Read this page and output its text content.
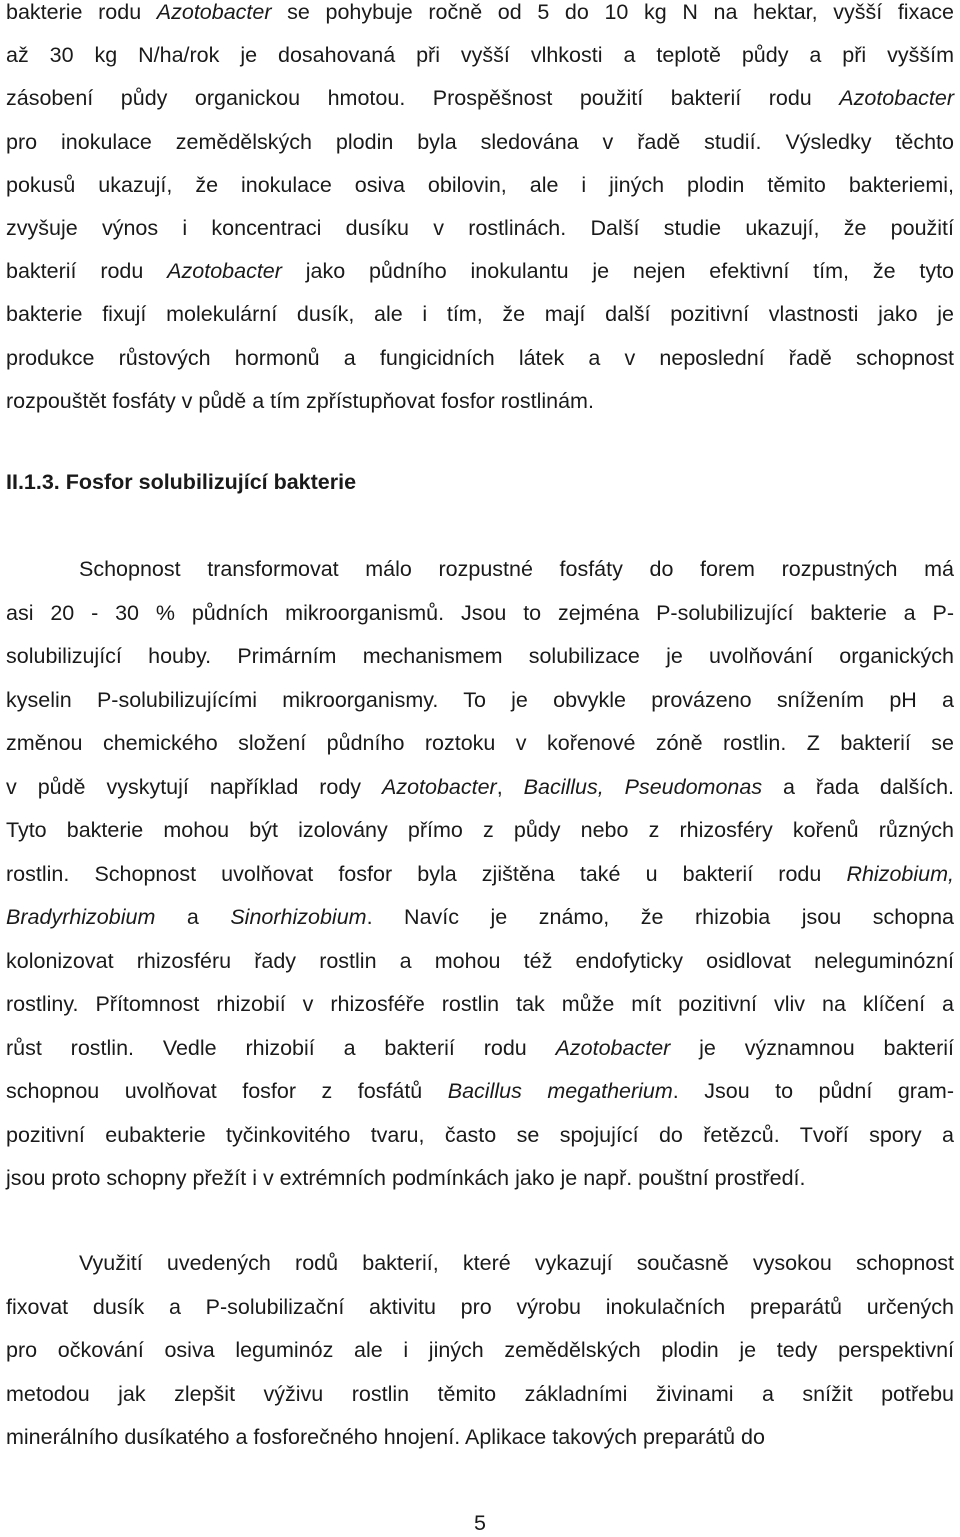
bakterie rodu Azotobacter se pohybuje ročně od 5 do 10 kg N na hektar, vyšší fixace
až 30 kg N/ha/rok je dosahovaná při vyšší vlhkosti a teplotě půdy a při vyšším
zásobení půdy organickou hmotou. Prospěšnost použití bakterií rodu Azotobacter
pro inokulace zemědělských plodin byla sledována v řadě studií. Výsledky těchto
pokusů ukazují, že inokulace osiva obilovin, ale i jiných plodin těmito bakteriemi,
zvyšuje výnos i koncentraci dusíku v rostlinách. Další studie ukazují, že použití
bakterií rodu Azotobacter jako půdního inokulantu je nejen efektivní tím, že tyto
bakterie fixují molekulární dusík, ale i tím, že mají další pozitivní vlastnosti jako je
produkce růstových hormonů a fungicidních látek a v neposlední řadě schopnost
rozpouštět fosfáty v půdě a tím zpřístupňovat fosfor rostlinám.
II.1.3. Fosfor solubilizující bakterie
Schopnost transformovat málo rozpustné fosfáty do forem rozpustných má
asi 20 - 30 % půdních mikroorganismů. Jsou to zejména P-solubilizující bakterie a P-
solubilizující houby. Primárním mechanismem solubilizace je uvolňování organických
kyselin P-solubilizujícími mikroorganismy. To je obvykle provázeno snížením pH a
změnou chemického složení půdního roztoku v kořenové zóně rostlin. Z bakterií se
v půdě vyskytují například rody Azotobacter, Bacillus, Pseudomonas a řada dalších.
Tyto bakterie mohou být izolovány přímo z půdy nebo z rhizosféry kořenů různých
rostlin. Schopnost uvolňovat fosfor byla zjištěna také u bakterií rodu Rhizobium,
Bradyrhizobium a Sinorhizobium. Navíc je známo, že rhizobia jsou schopna
kolonizovat rhizosféru řady rostlin a mohou též endofyticky osidlovat neleguminózní
rostliny. Přítomnost rhizobií v rhizosféře rostlin tak může mít pozitivní vliv na klíčení a
růst rostlin. Vedle rhizobií a bakterií rodu Azotobacter je významnou bakterií
schopnou uvolňovat fosfor z fosfátů Bacillus megatherium. Jsou to půdní gram-
pozitivní eubakterie tyčinkovitého tvaru, často se spojující do řetězců. Tvoří spory a
jsou proto schopny přežít i v extrémních podmínkách jako je např. pouštní prostředí.
Využití uvedených rodů bakterií, které vykazují současně vysokou schopnost
fixovat dusík a P-solubilizační aktivitu pro výrobu inokulačních preparátů určených
pro očkování osiva leguminóz ale i jiných zemědělských plodin je tedy perspektivní
metodou jak zlepšit výživu rostlin těmito základními živinami a snížit potřebu
minerálního dusíkatého a fosforečného hnojení. Aplikace takových preparátů do
5
